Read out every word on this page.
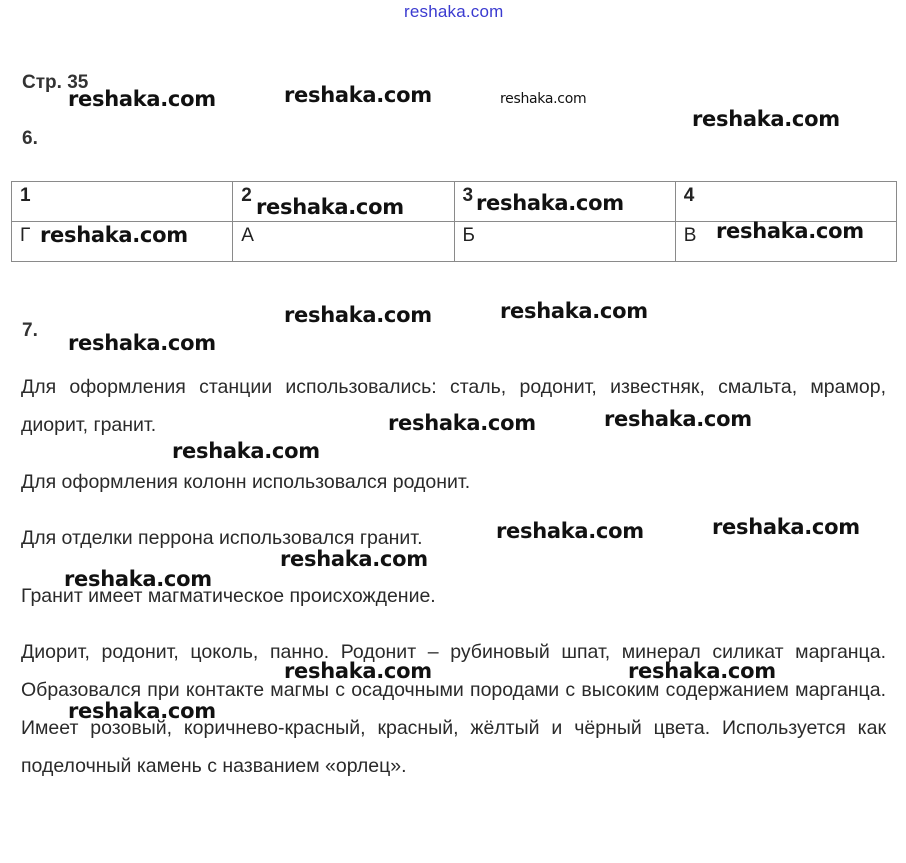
reshaka.com
Стр. 35
6.
1	2	3	4
Г	А	Б	В
7.

Для оформления станции использовались: сталь, родонит, известняк, смальта, мрамор, диорит, гранит.

Для оформления колонн использовался родонит.

Для отделки перрона использовался гранит.

Гранит имеет магматическое происхождение.

Диорит, родонит, цоколь, панно. Родонит – рубиновый шпат, минерал силикат марганца. Образовался при контакте магмы с осадочными породами с высоким содержанием марганца. Имеет розовый, коричнево-красный, красный, жёлтый и чёрный цвета. Используется как поделочный камень с названием «орлец».

reshaka.com	reshaka.com	reshaka.com
reshaka.com
reshaka.com
reshaka.com	reshaka.com
reshaka.com
reshaka.com	reshaka.com
reshaka.com
reshaka.com	reshaka.com
reshaka.com
reshaka.com	reshaka.com
reshaka.com
reshaka.com
reshaka.com	reshaka.com
reshaka.com
